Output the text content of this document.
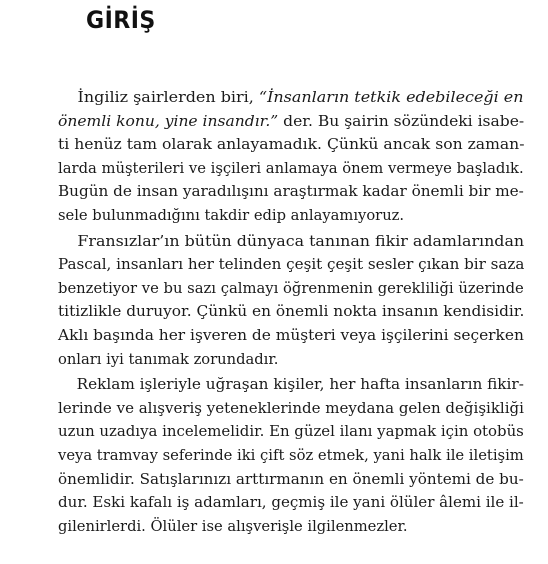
GİRİŞ
İngiliz şairlerden biri, “İnsanların tetkik edebileceği en
önemli konu, yine insandır.” der. Bu şairin sözündeki isabe-
ti henüz tam olarak anlayamadık. Çünkü ancak son zaman-
larda müşterileri ve işçileri anlamaya önem vermeye başladık.
Bugün de insan yaradılışını araştırmak kadar önemli bir me-
sele bulunmadığını takdir edip anlayamıyoruz.
Fransızlar’ın bütün dünyaca tanınan fikir adamlarından
Pascal, insanları her telinden çeşit çeşit sesler çıkan bir saza
benzetiyor ve bu sazı çalmayı öğrenmenin gerekliliği üzerinde
titizlikle duruyor. Çünkü en önemli nokta insanın kendisidir.
Aklı başında her işveren de müşteri veya işçilerini seçerken
onları iyi tanımak zorundadır.
Reklam işleriyle uğraşan kişiler, her hafta insanların fikir-
lerinde ve alışveriş yeteneklerinde meydana gelen değişikliği
uzun uzadıya incelemelidir. En güzel ilanı yapmak için otobüs
veya tramvay seferinde iki çift söz etmek, yani halk ile iletişim
önemlidir. Satışlarınızı arttırmanın en önemli yöntemi de bu-
dur. Eski kafalı iş adamları, geçmiş ile yani ölüler âlemi ile il-
gilenirlerdi. Ölüler ise alışverişle ilgilenmezler.
